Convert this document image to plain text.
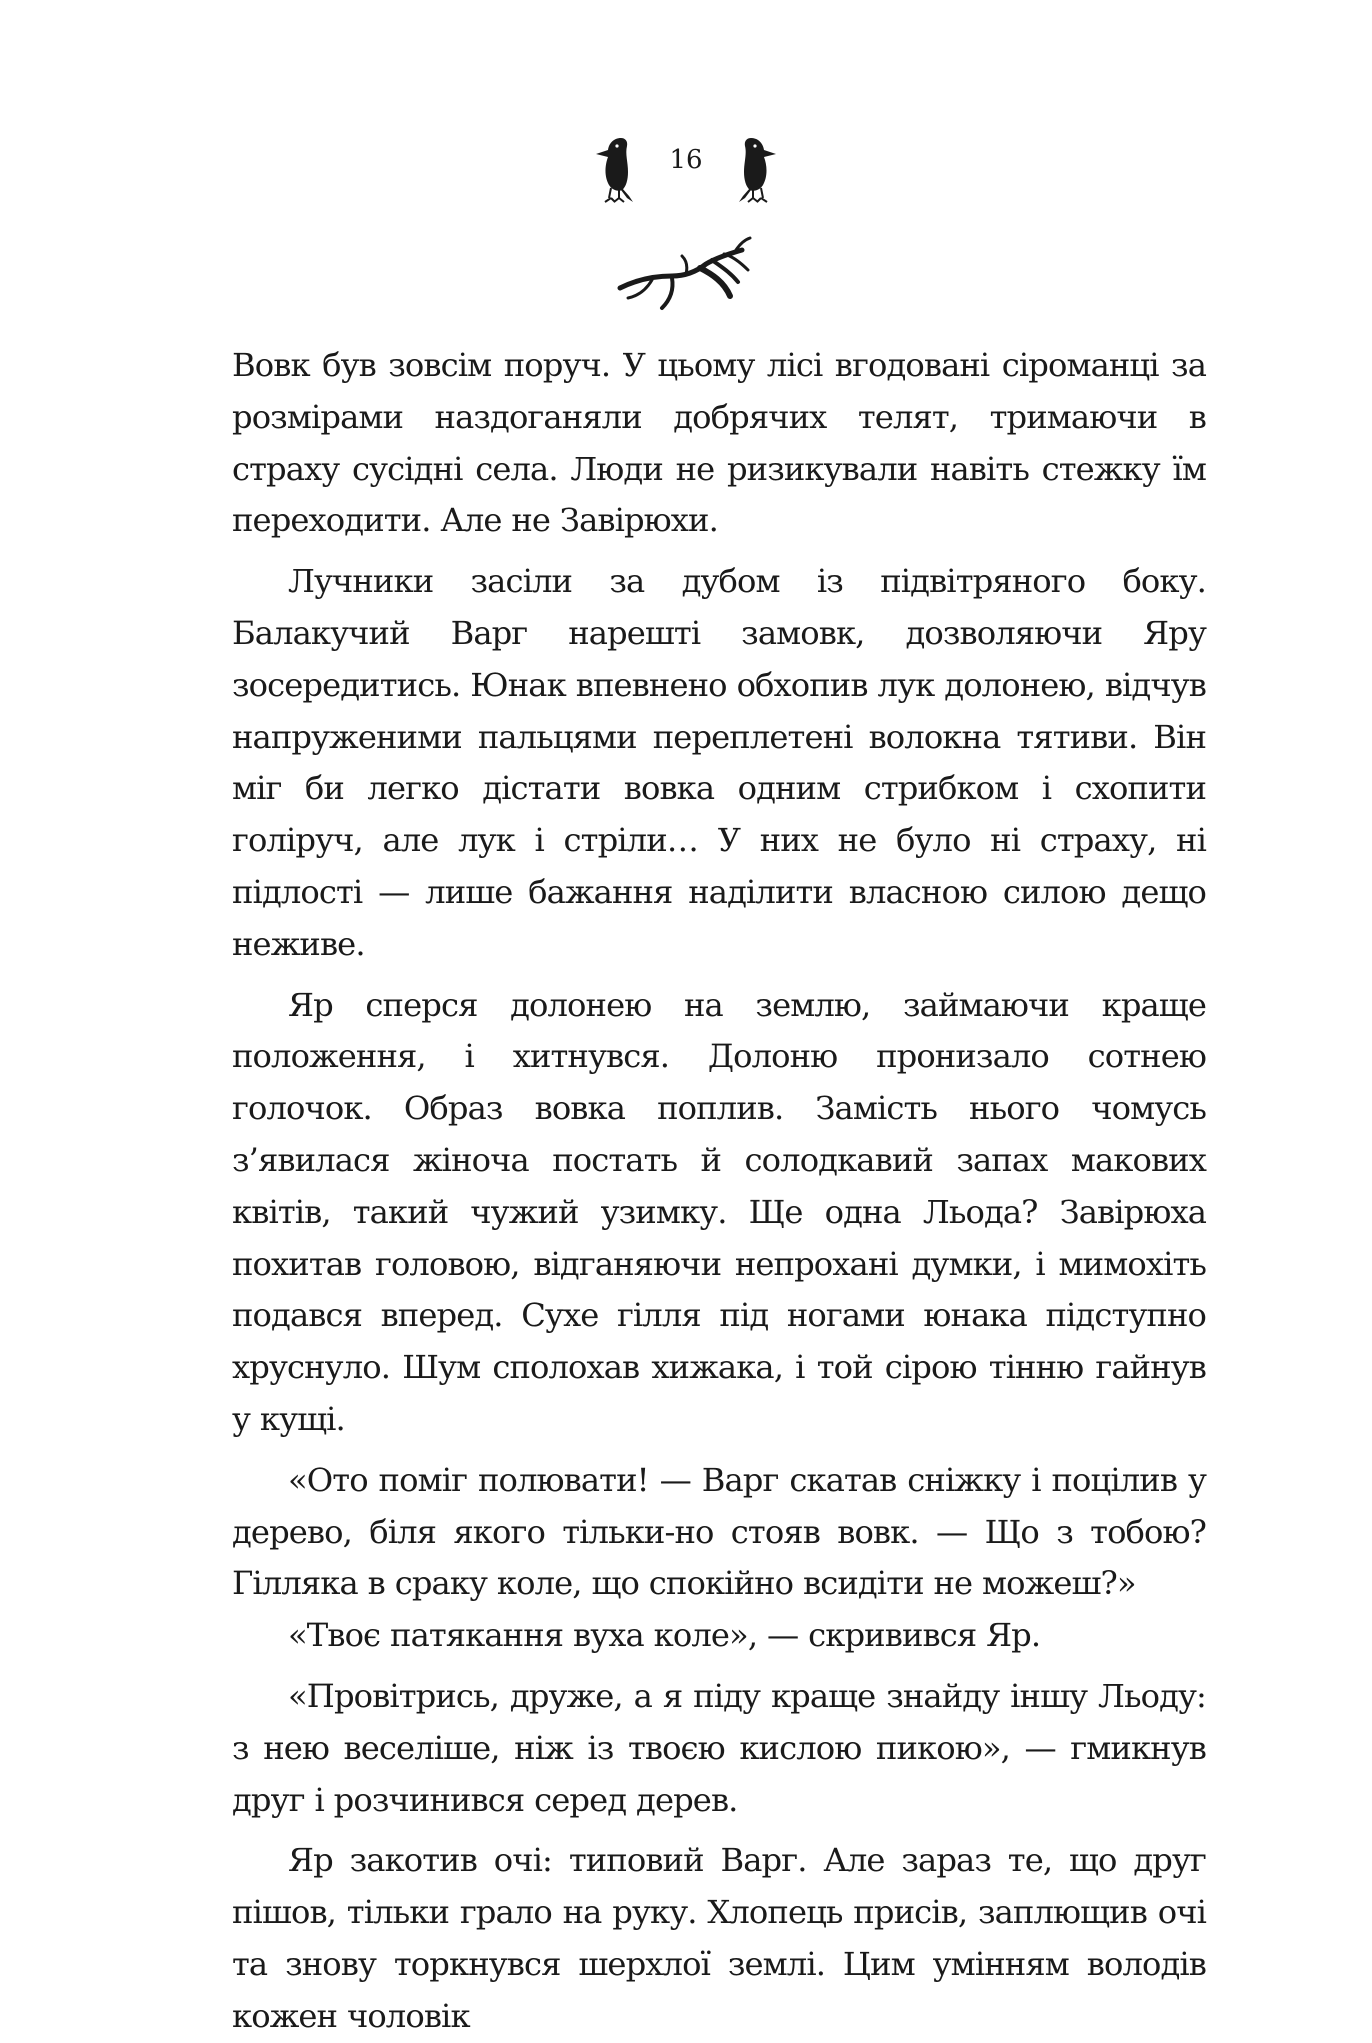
16

Вовк був зовсім поруч. У цьому лісі вгодовані сіроманці за розмірами наздоганяли добрячих телят, тримаючи в страху сусідні села. Люди не ризикували навіть стежку їм переходити. Але не Завірюхи.

Лучники засіли за дубом із підвітряного боку. Балакучий Варг нарешті замовк, дозволяючи Яру зосередитись. Юнак впевнено обхопив лук долонею, відчув напруженими пальцями переплетені волокна тятиви. Він міг би легко дістати вовка одним стрибком і схопити голіруч, але лук і стріли… У них не було ні страху, ні підлості — лише бажання наділити власною силою дещо неживе.

Яр сперся долонею на землю, займаючи краще положення, і хитнувся. Долоню пронизало сотнею голочок. Образ вовка поплив. Замість нього чомусь з’явилася жіноча постать й солодкавий запах макових квітів, такий чужий узимку. Ще одна Льода? Завірюха похитав головою, відганяючи непрохані думки, і мимохіть подався вперед. Сухе гілля під ногами юнака підступно хруснуло. Шум сполохав хижака, і той сірою тінню гайнув у кущі.

«Ото поміг полювати! — Варг скатав сніжку і поцілив у дерево, біля якого тільки-но стояв вовк. — Що з тобою? Гілляка в сраку коле, що спокійно всидіти не можеш?»

«Твоє патякання вуха коле», — скривився Яр.

«Провітрись, друже, а я піду краще знайду іншу Льоду: з нею веселіше, ніж із твоєю кислою пикою», — гмикнув друг і розчинився серед дерев.

Яр закотив очі: типовий Варг. Але зараз те, що друг пішов, тільки грало на руку. Хлопець присів, заплющив очі та знову торкнувся шерхлої землі. Цим умінням володів кожен чоловік
